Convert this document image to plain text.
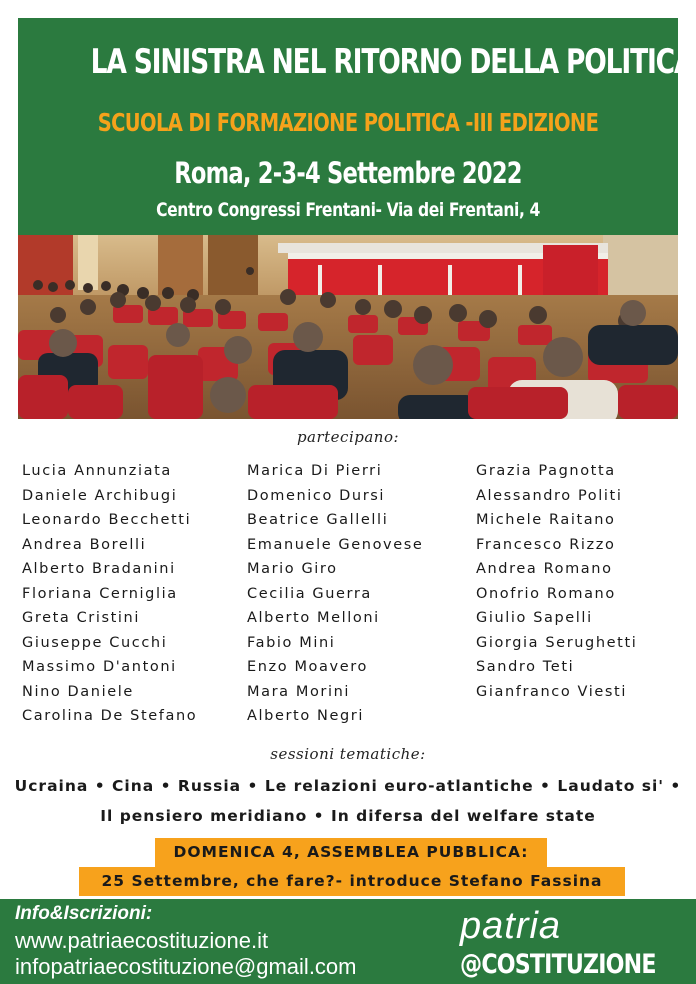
LA SINISTRA NEL RITORNO DELLA POLITICA
SCUOLA DI FORMAZIONE POLITICA -III EDIZIONE
Roma, 2-3-4 Settembre 2022
Centro Congressi Frentani- Via dei Frentani, 4
partecipano:
Lucia Annunziata
Daniele Archibugi
Leonardo Becchetti
Andrea Borelli
Alberto Bradanini
Floriana Cerniglia
Greta Cristini
Giuseppe Cucchi
Massimo D'antoni
Nino Daniele
Carolina De Stefano
Marica Di Pierri
Domenico Dursi
Beatrice Gallelli
Emanuele Genovese
Mario Giro
Cecilia Guerra
Alberto Melloni
Fabio Mini
Enzo Moavero
Mara Morini
Alberto Negri
Grazia Pagnotta
Alessandro Politi
Michele Raitano
Francesco Rizzo
Andrea Romano
Onofrio Romano
Giulio Sapelli
Giorgia Serughetti
Sandro Teti
Gianfranco Viesti
sessioni tematiche:
Ucraina • Cina • Russia • Le relazioni euro-atlantiche • Laudato si' •
Il pensiero meridiano • In difersa del welfare state
DOMENICA 4, ASSEMBLEA PUBBLICA:
25 Settembre, che fare?- introduce Stefano Fassina
Info&Iscrizioni:
www.patriaecostituzione.it
infopatriaecostituzione@gmail.com
patria
@COSTITUZIONE
